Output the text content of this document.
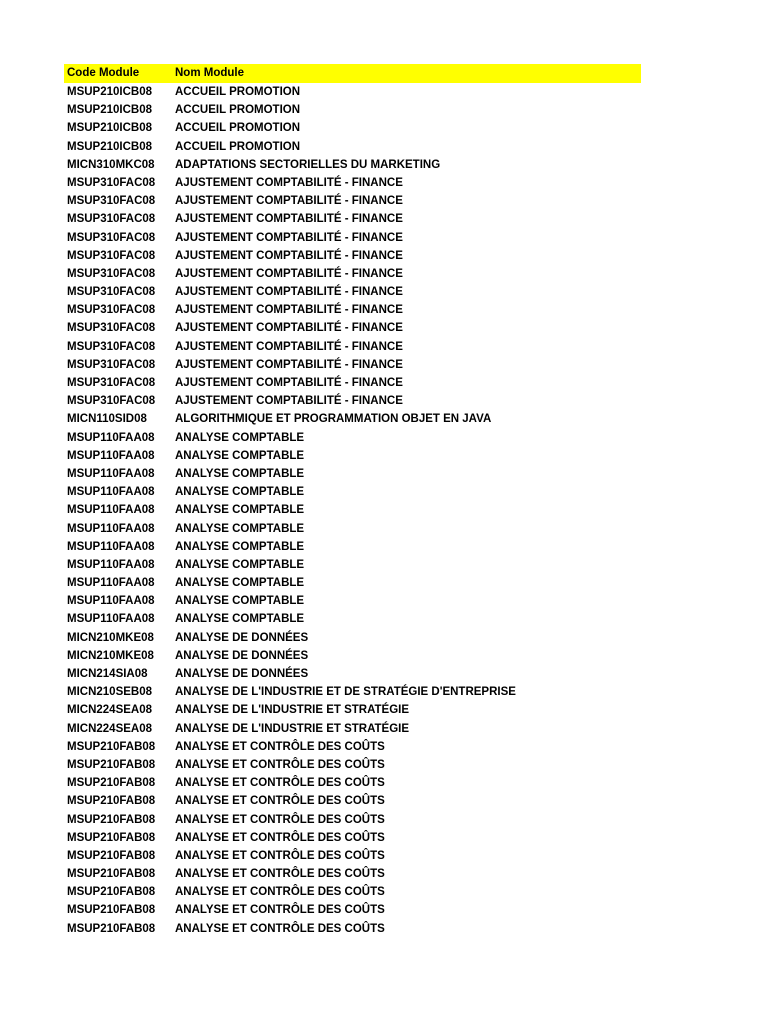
Code Module	Nom Module
MSUP210ICB08	ACCUEIL PROMOTION
MSUP210ICB08	ACCUEIL PROMOTION
MSUP210ICB08	ACCUEIL PROMOTION
MSUP210ICB08	ACCUEIL PROMOTION
MICN310MKC08	ADAPTATIONS SECTORIELLES DU MARKETING
MSUP310FAC08	AJUSTEMENT COMPTABILITÉ - FINANCE
MSUP310FAC08	AJUSTEMENT COMPTABILITÉ - FINANCE
MSUP310FAC08	AJUSTEMENT COMPTABILITÉ - FINANCE
MSUP310FAC08	AJUSTEMENT COMPTABILITÉ - FINANCE
MSUP310FAC08	AJUSTEMENT COMPTABILITÉ - FINANCE
MSUP310FAC08	AJUSTEMENT COMPTABILITÉ - FINANCE
MSUP310FAC08	AJUSTEMENT COMPTABILITÉ - FINANCE
MSUP310FAC08	AJUSTEMENT COMPTABILITÉ - FINANCE
MSUP310FAC08	AJUSTEMENT COMPTABILITÉ - FINANCE
MSUP310FAC08	AJUSTEMENT COMPTABILITÉ - FINANCE
MSUP310FAC08	AJUSTEMENT COMPTABILITÉ - FINANCE
MSUP310FAC08	AJUSTEMENT COMPTABILITÉ - FINANCE
MSUP310FAC08	AJUSTEMENT COMPTABILITÉ - FINANCE
MICN110SID08	ALGORITHMIQUE ET PROGRAMMATION OBJET EN JAVA
MSUP110FAA08	ANALYSE COMPTABLE
MSUP110FAA08	ANALYSE COMPTABLE
MSUP110FAA08	ANALYSE COMPTABLE
MSUP110FAA08	ANALYSE COMPTABLE
MSUP110FAA08	ANALYSE COMPTABLE
MSUP110FAA08	ANALYSE COMPTABLE
MSUP110FAA08	ANALYSE COMPTABLE
MSUP110FAA08	ANALYSE COMPTABLE
MSUP110FAA08	ANALYSE COMPTABLE
MSUP110FAA08	ANALYSE COMPTABLE
MSUP110FAA08	ANALYSE COMPTABLE
MICN210MKE08	ANALYSE DE DONNÉES
MICN210MKE08	ANALYSE DE DONNÉES
MICN214SIA08	ANALYSE DE DONNÉES
MICN210SEB08	ANALYSE DE L'INDUSTRIE ET DE STRATÉGIE D'ENTREPRISE
MICN224SEA08	ANALYSE DE L'INDUSTRIE ET STRATÉGIE
MICN224SEA08	ANALYSE DE L'INDUSTRIE ET STRATÉGIE
MSUP210FAB08	ANALYSE ET CONTRÔLE DES COÛTS
MSUP210FAB08	ANALYSE ET CONTRÔLE DES COÛTS
MSUP210FAB08	ANALYSE ET CONTRÔLE DES COÛTS
MSUP210FAB08	ANALYSE ET CONTRÔLE DES COÛTS
MSUP210FAB08	ANALYSE ET CONTRÔLE DES COÛTS
MSUP210FAB08	ANALYSE ET CONTRÔLE DES COÛTS
MSUP210FAB08	ANALYSE ET CONTRÔLE DES COÛTS
MSUP210FAB08	ANALYSE ET CONTRÔLE DES COÛTS
MSUP210FAB08	ANALYSE ET CONTRÔLE DES COÛTS
MSUP210FAB08	ANALYSE ET CONTRÔLE DES COÛTS
MSUP210FAB08	ANALYSE ET CONTRÔLE DES COÛTS
